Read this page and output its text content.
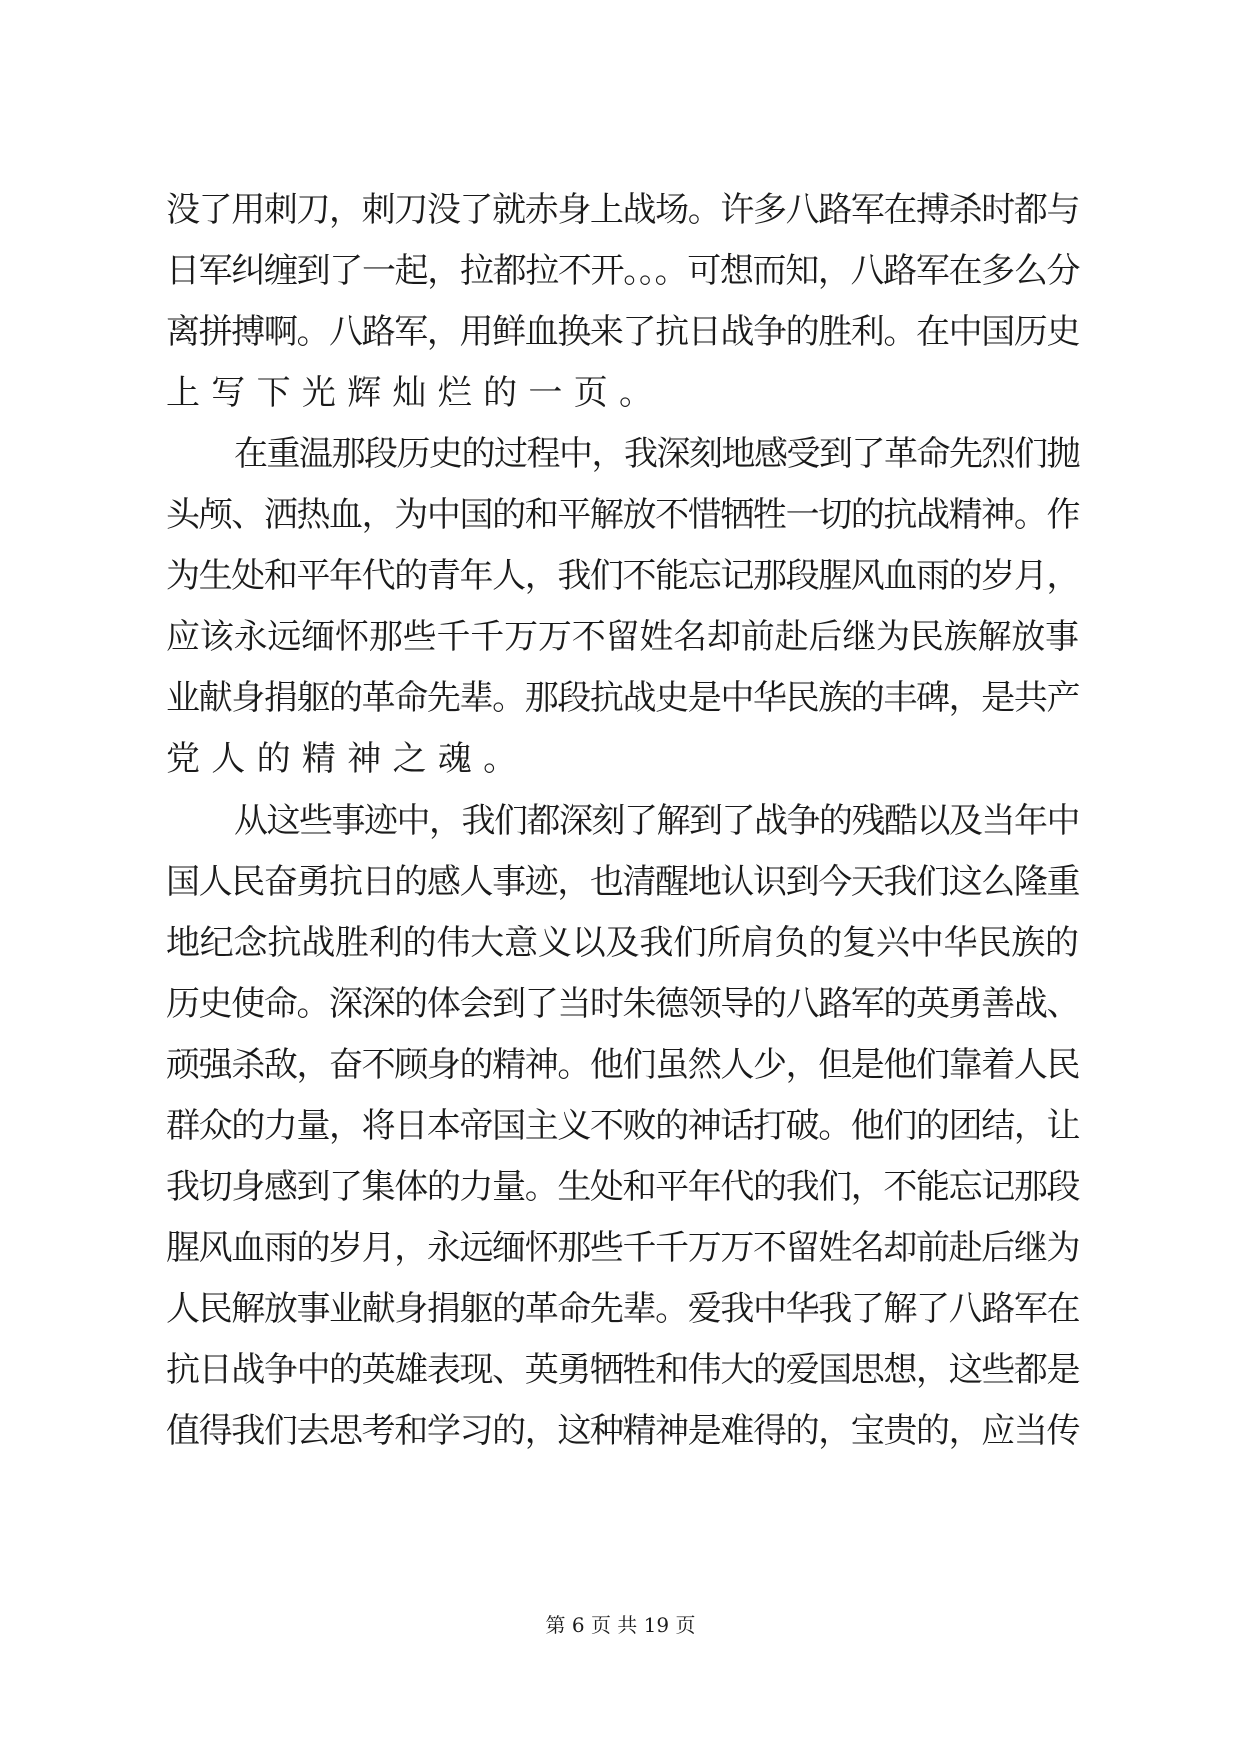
没了用刺刀，刺刀没了就赤身上战场。许多八路军在搏杀时都与
日军纠缠到了一起，拉都拉不开。。。可想而知，八路军在多么分
离拼搏啊。八路军，用鲜血换来了抗日战争的胜利。在中国历史
上写下光辉灿烂的一页。
在重温那段历史的过程中，我深刻地感受到了革命先烈们抛
头颅、洒热血，为中国的和平解放不惜牺牲一切的抗战精神。作
为生处和平年代的青年人，我们不能忘记那段腥风血雨的岁月，
应该永远缅怀那些千千万万不留姓名却前赴后继为民族解放事
业献身捐躯的革命先辈。那段抗战史是中华民族的丰碑，是共产
党人的精神之魂。
从这些事迹中，我们都深刻了解到了战争的残酷以及当年中
国人民奋勇抗日的感人事迹，也清醒地认识到今天我们这么隆重
地纪念抗战胜利的伟大意义以及我们所肩负的复兴中华民族的
历史使命。深深的体会到了当时朱德领导的八路军的英勇善战、
顽强杀敌，奋不顾身的精神。他们虽然人少，但是他们靠着人民
群众的力量，将日本帝国主义不败的神话打破。他们的团结，让
我切身感到了集体的力量。生处和平年代的我们，不能忘记那段
腥风血雨的岁月，永远缅怀那些千千万万不留姓名却前赴后继为
人民解放事业献身捐躯的革命先辈。爱我中华我了解了八路军在
抗日战争中的英雄表现、英勇牺牲和伟大的爱国思想，这些都是
值得我们去思考和学习的，这种精神是难得的，宝贵的，应当传
第 6 页 共 19 页
